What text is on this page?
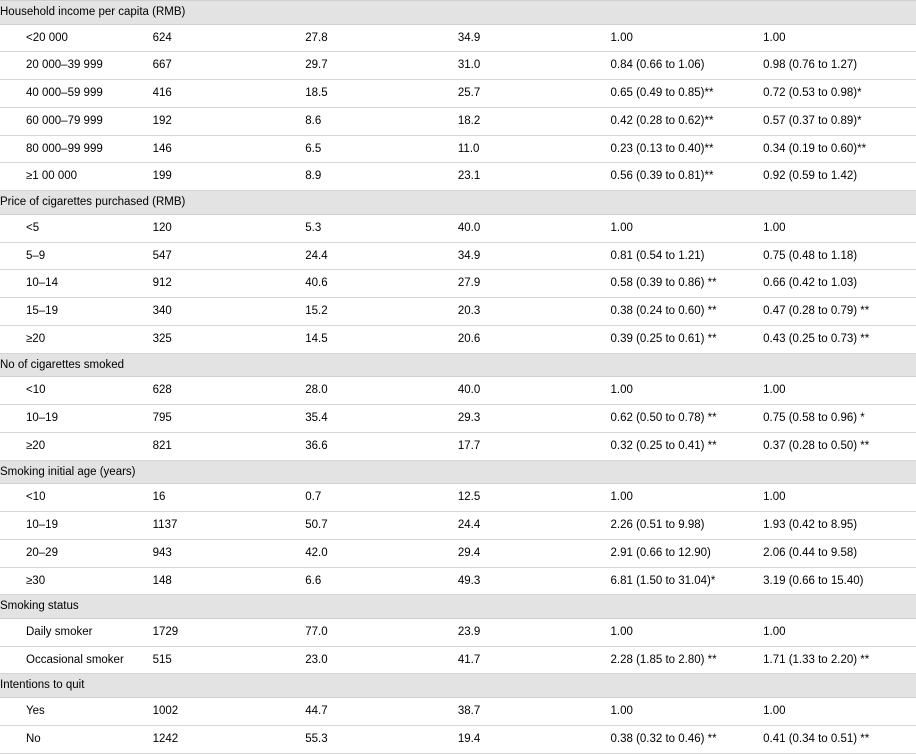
Household income per capita (RMB)					

<20 000	624	27.8	34.9	1.00	1.00

20 000–39 999	667	29.7	31.0	0.84 (0.66 to 1.06)	0.98 (0.76 to 1.27)

40 000–59 999	416	18.5	25.7	0.65 (0.49 to 0.85)**	0.72 (0.53 to 0.98)*

60 000–79 999	192	8.6	18.2	0.42 (0.28 to 0.62)**	0.57 (0.37 to 0.89)*

80 000–99 999	146	6.5	11.0	0.23 (0.13 to 0.40)**	0.34 (0.19 to 0.60)**

≥1 00 000	199	8.9	23.1	0.56 (0.39 to 0.81)**	0.92 (0.59 to 1.42)

Price of cigarettes purchased (RMB)					

<5	120	5.3	40.0	1.00	1.00

5–9	547	24.4	34.9	0.81 (0.54 to 1.21)	0.75 (0.48 to 1.18)

10–14	912	40.6	27.9	0.58 (0.39 to 0.86) **	0.66 (0.42 to 1.03)

15–19	340	15.2	20.3	0.38 (0.24 to 0.60) **	0.47 (0.28 to 0.79) **

≥20	325	14.5	20.6	0.39 (0.25 to 0.61) **	0.43 (0.25 to 0.73) **

No of cigarettes smoked					

<10	628	28.0	40.0	1.00	1.00

10–19	795	35.4	29.3	0.62 (0.50 to 0.78) **	0.75 (0.58 to 0.96) *

≥20	821	36.6	17.7	0.32 (0.25 to 0.41) **	0.37 (0.28 to 0.50) **

Smoking initial age (years)					

<10	16	0.7	12.5	1.00	1.00

10–19	1137	50.7	24.4	2.26 (0.51 to 9.98)	1.93 (0.42 to 8.95)

20–29	943	42.0	29.4	2.91 (0.66 to 12.90)	2.06 (0.44 to 9.58)

≥30	148	6.6	49.3	6.81 (1.50 to 31.04)*	3.19 (0.66 to 15.40)

Smoking status					

Daily smoker	1729	77.0	23.9	1.00	1.00

Occasional smoker	515	23.0	41.7	2.28 (1.85 to 2.80) **	1.71 (1.33 to 2.20) **

Intentions to quit					

Yes	1002	44.7	38.7	1.00	1.00

No	1242	55.3	19.4	0.38 (0.32 to 0.46) **	0.41 (0.34 to 0.51) **
